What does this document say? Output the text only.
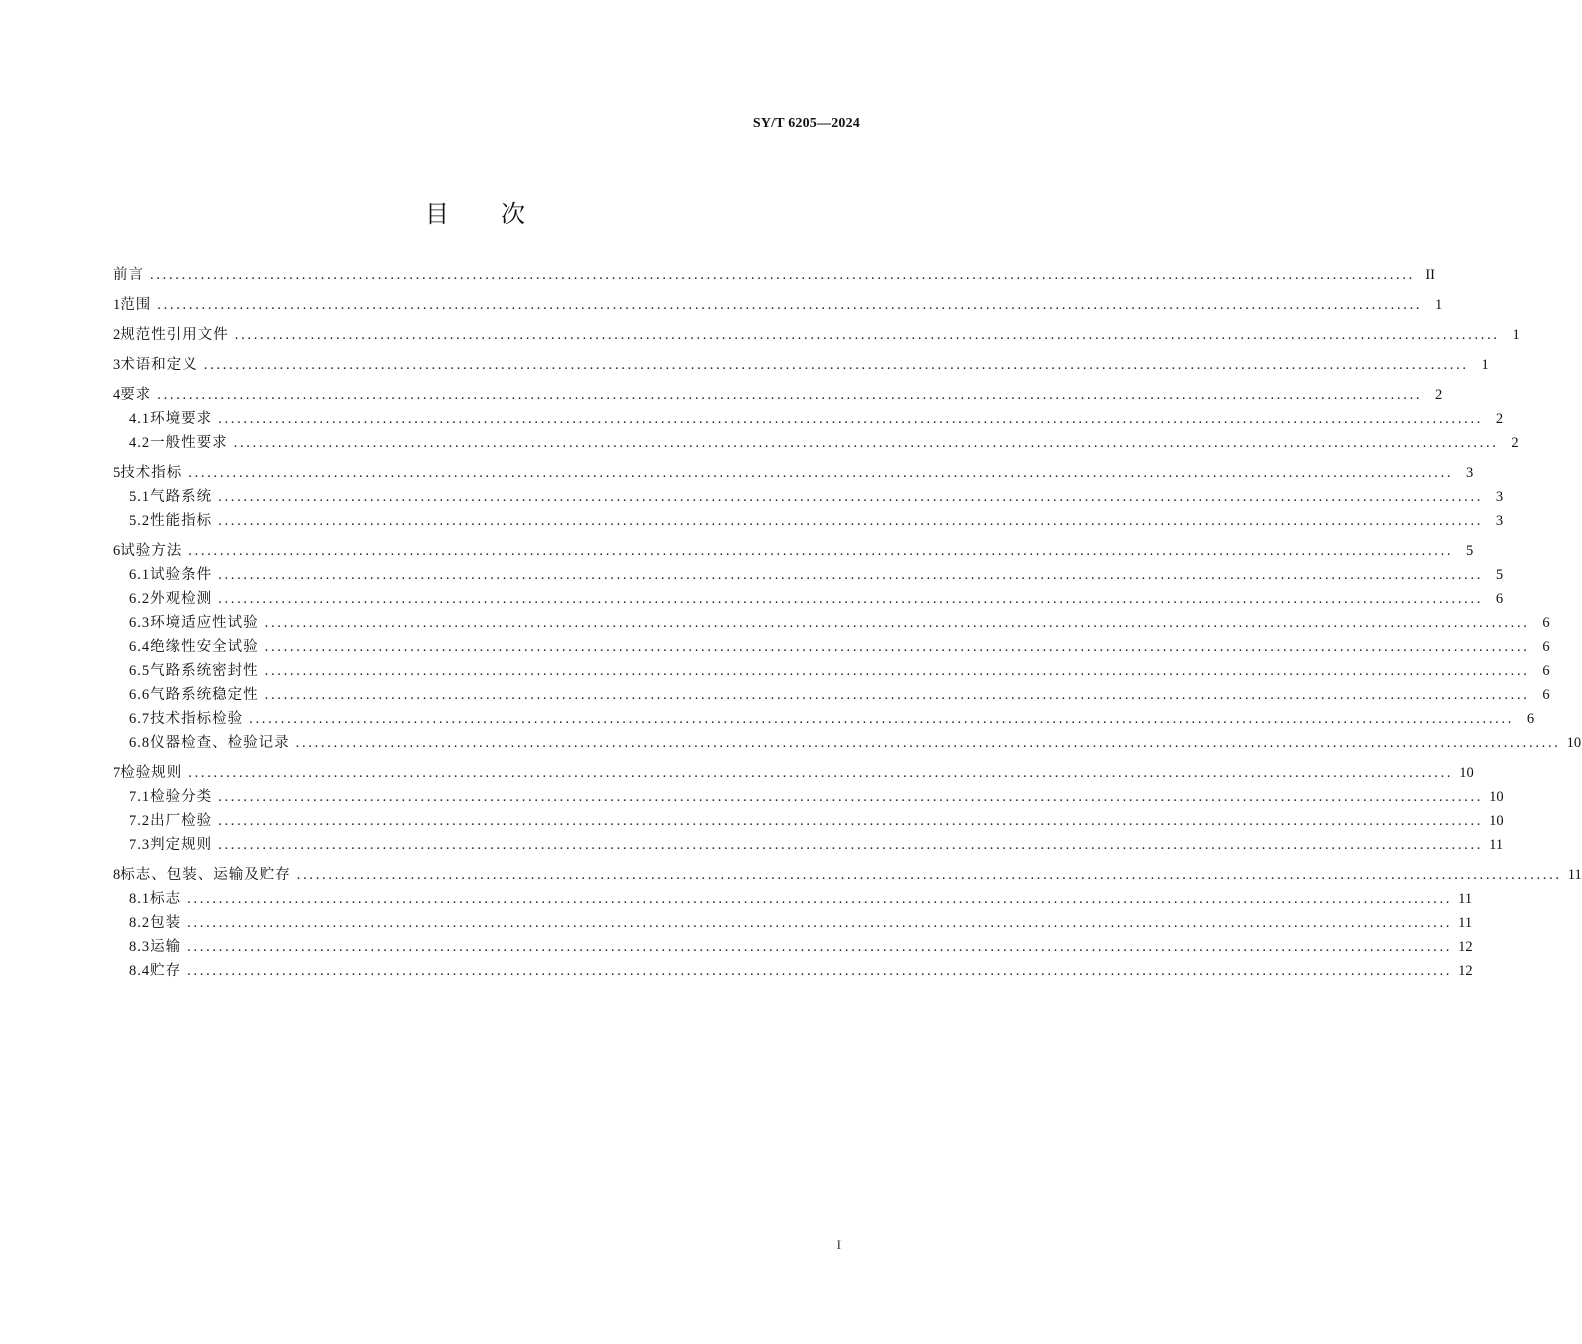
SY/T 6205—2024
目次
前言 ........................................................................................................................................................................................................ II
1 范围 ........................................................................................................................................................................................................ 1
2 规范性引用文件 ........................................................................................................................................................................................................ 1
3 术语和定义 ........................................................................................................................................................................................................ 1
4 要求 ........................................................................................................................................................................................................ 2
4.1 环境要求 ........................................................................................................................................................................................................ 2
4.2 一般性要求 ........................................................................................................................................................................................................ 2
5 技术指标 ........................................................................................................................................................................................................ 3
5.1 气路系统 ........................................................................................................................................................................................................ 3
5.2 性能指标 ........................................................................................................................................................................................................ 3
6 试验方法 ........................................................................................................................................................................................................ 5
6.1 试验条件 ........................................................................................................................................................................................................ 5
6.2 外观检测 ........................................................................................................................................................................................................ 6
6.3 环境适应性试验 ........................................................................................................................................................................................................ 6
6.4 绝缘性安全试验 ........................................................................................................................................................................................................ 6
6.5 气路系统密封性 ........................................................................................................................................................................................................ 6
6.6 气路系统稳定性 ........................................................................................................................................................................................................ 6
6.7 技术指标检验 ........................................................................................................................................................................................................ 6
6.8 仪器检查、检验记录 ........................................................................................................................................................................................................ 10
7 检验规则 ........................................................................................................................................................................................................ 10
7.1 检验分类 ........................................................................................................................................................................................................ 10
7.2 出厂检验 ........................................................................................................................................................................................................ 10
7.3 判定规则 ........................................................................................................................................................................................................ 11
8 标志、包装、运输及贮存 ........................................................................................................................................................................................................ 11
8.1 标志 ........................................................................................................................................................................................................ 11
8.2 包装 ........................................................................................................................................................................................................ 11
8.3 运输 ........................................................................................................................................................................................................ 12
8.4 贮存 ........................................................................................................................................................................................................ 12
I
